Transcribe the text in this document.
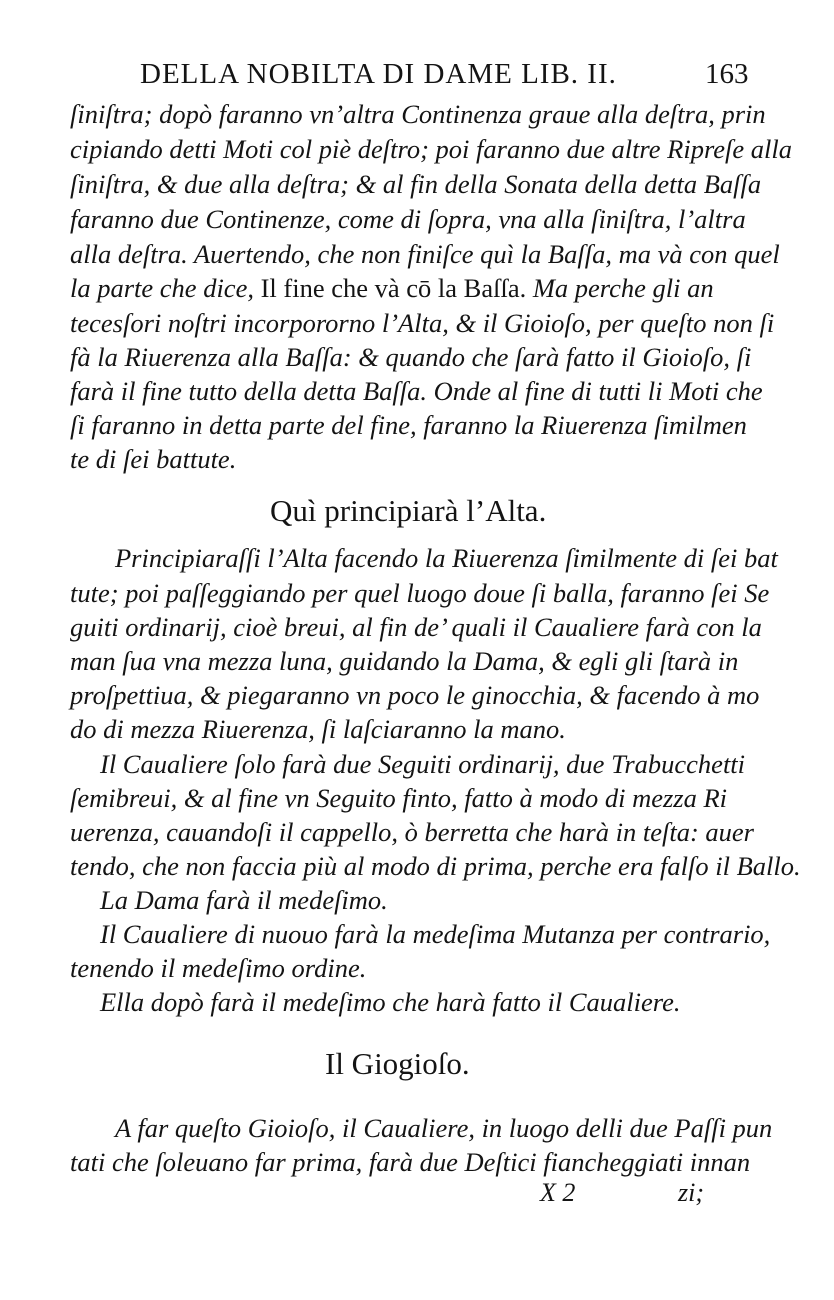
DELLA NOBILTA DI DAME LIB. II.	163
ſiniſtra; dopò faranno vn’altra Continenza graue alla deſtra, prin
cipiando detti Moti col piè deſtro; poi faranno due altre Ripreſe alla
ſiniſtra, & due alla deſtra; & al fin della Sonata della detta Baſſa
faranno due Continenze, come di ſopra, vna alla ſiniſtra, l’altra
alla deſtra. Auertendo, che non finiſce quì la Baſſa, ma và con quel
la parte che dice, Il fine che và cō la Baſſa. Ma perche gli an
tecesſori noſtri incorpororno l’Alta, & il Gioioſo, per queſto non ſi
fà la Riuerenza alla Baſſa: & quando che ſarà fatto il Gioioſo, ſi
farà il fine tutto della detta Baſſa. Onde al fine di tutti li Moti che
ſi faranno in detta parte del fine, faranno la Riuerenza ſimilmen
te di ſei battute.
Quì principiarà l’Alta.
Principiaraſſi l’Alta facendo la Riuerenza ſimilmente di ſei bat
tute; poi paſſeggiando per quel luogo doue ſi balla, faranno ſei Se
guiti ordinarij, cioè breui, al fin de’ quali il Caualiere farà con la
man ſua vna mezza luna, guidando la Dama, & egli gli ſtarà in
proſpettiua, & piegaranno vn poco le ginocchia, & facendo à mo
do di mezza Riuerenza, ſi laſciaranno la mano.
Il Caualiere ſolo farà due Seguiti ordinarij, due Trabucchetti
ſemibreui, & al fine vn Seguito finto, fatto à modo di mezza Ri
uerenza, cauandoſi il cappello, ò berretta che harà in teſta: auer
tendo, che non faccia più al modo di prima, perche era falſo il Ballo.
La Dama farà il medeſimo.
Il Caualiere di nuouo farà la medeſima Mutanza per contrario,
tenendo il medeſimo ordine.
Ella dopò farà il medeſimo che harà fatto il Caualiere.
Il Giogioſo.
A far queſto Gioioſo, il Caualiere, in luogo delli due Paſſi pun
tati che ſoleuano far prima, farà due Deſtici fiancheggiati innan
X 2	zi;
